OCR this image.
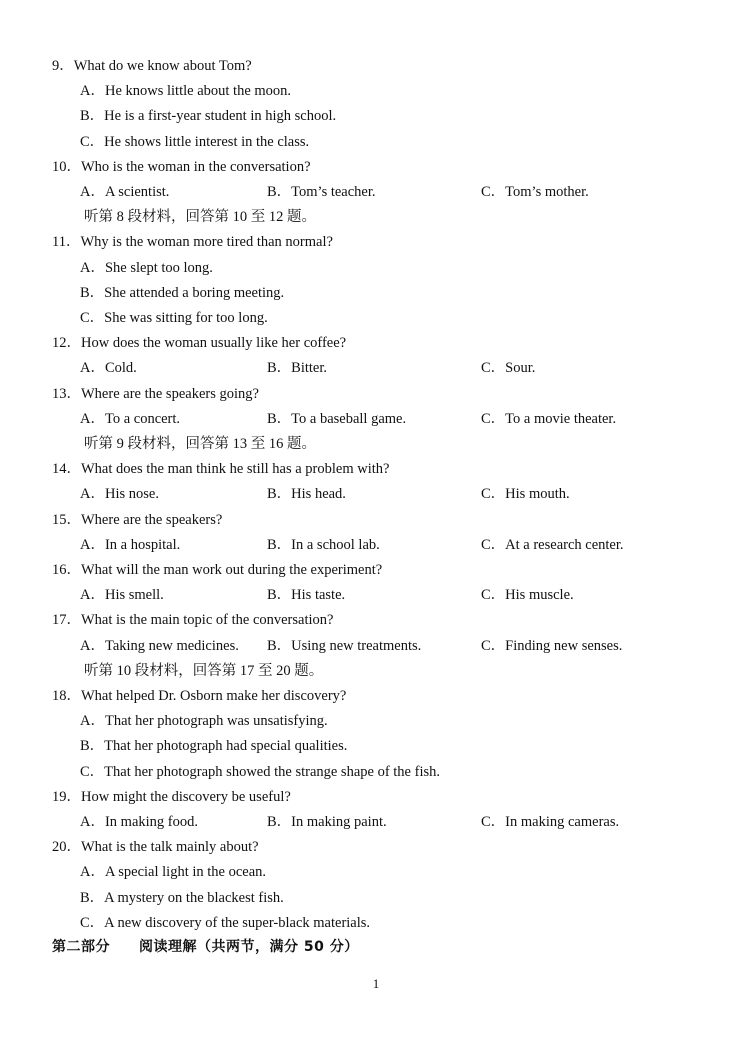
9．What do we know about Tom?
A．He knows little about the moon.
B．He is a first-year student in high school.
C．He shows little interest in the class.
10．Who is the woman in the conversation?
A．A scientist.	B．Tom’s teacher.	C．Tom’s mother.
听第 8 段材料，回答第 10 至 12 题。
11．Why is the woman more tired than normal?
A．She slept too long.
B．She attended a boring meeting.
C．She was sitting for too long.
12．How does the woman usually like her coffee?
A．Cold.	B．Bitter.	C．Sour.
13．Where are the speakers going?
A．To a concert.	B．To a baseball game.	C．To a movie theater.
听第 9 段材料，回答第 13 至 16 题。
14．What does the man think he still has a problem with?
A．His nose.	B．His head.	C．His mouth.
15．Where are the speakers?
A．In a hospital.	B．In a school lab.	C．At a research center.
16．What will the man work out during the experiment?
A．His smell.	B．His taste.	C．His muscle.
17．What is the main topic of the conversation?
A．Taking new medicines. B．Using new treatments.	C．Finding new senses.
听第 10 段材料，回答第 17 至 20 题。
18．What helped Dr. Osborn make her discovery?
A．That her photograph was unsatisfying.
B．That her photograph had special qualities.
C．That her photograph showed the strange shape of the fish.
19．How might the discovery be useful?
A．In making food.	B．In making paint.	C．In making cameras.
20．What is the talk mainly about?
A．A special light in the ocean.
B．A mystery on the blackest fish.
C．A new discovery of the super-black materials.
第二部分　　阅读理解（共两节，满分 50 分）
1
